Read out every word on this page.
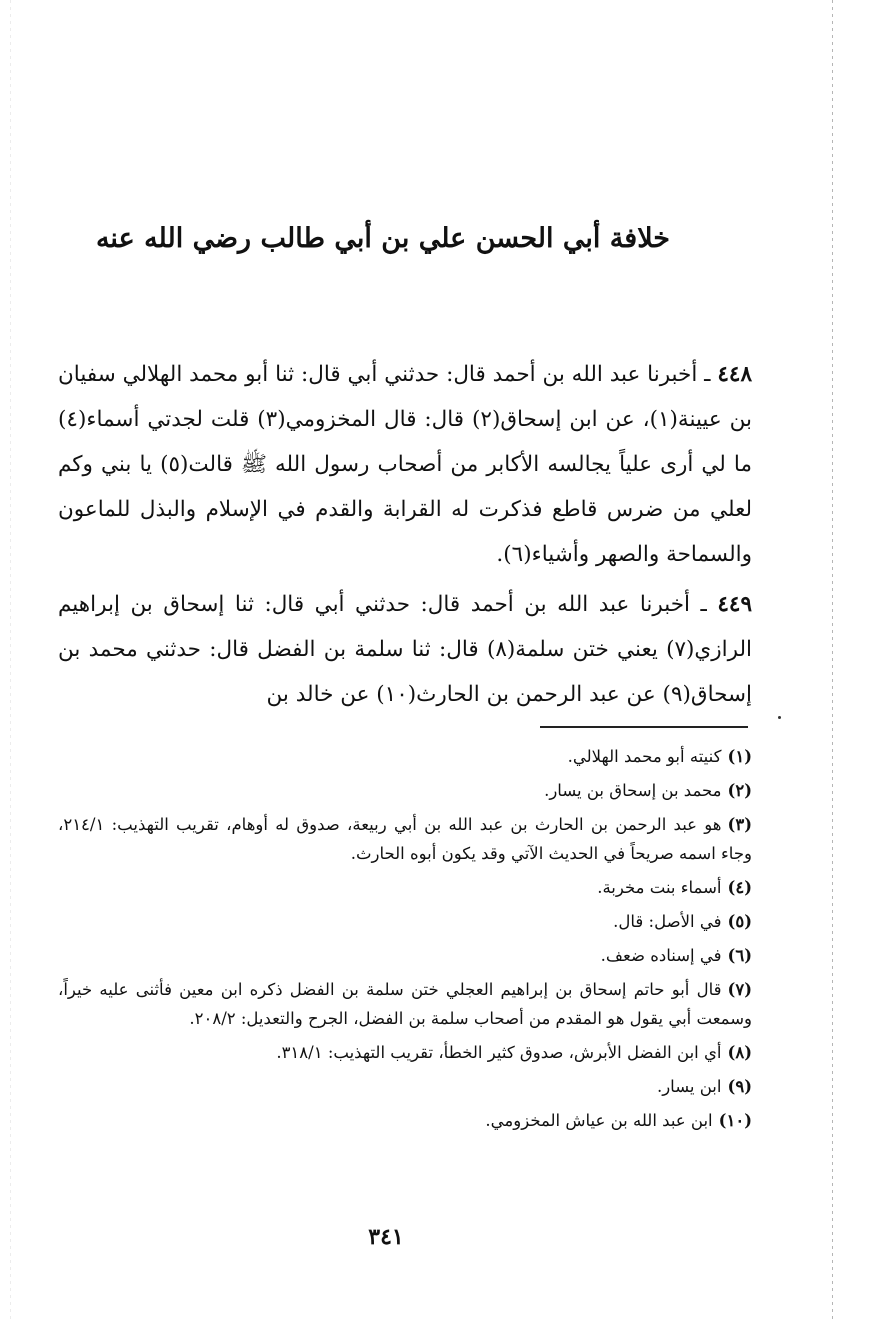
خلافة أبي الحسن علي بن أبي طالب رضي الله عنه

٤٤٨ ـ أخبرنا عبد الله بن أحمد قال: حدثني أبي قال: ثنا أبو محمد الهلالي سفيان بن عيينة(١)، عن ابن إسحاق(٢) قال: قال المخزومي(٣) قلت لجدتي أسماء(٤) ما لي أرى علياً يجالسه الأكابر من أصحاب رسول الله ﷺ قالت(٥) يا بني وكم لعلي من ضرس قاطع فذكرت له القرابة والقدم في الإسلام والبذل للماعون والسماحة والصهر وأشياء(٦).

٤٤٩ ـ أخبرنا عبد الله بن أحمد قال: حدثني أبي قال: ثنا إسحاق بن إبراهيم الرازي(٧) يعني ختن سلمة(٨) قال: ثنا سلمة بن الفضل قال: حدثني محمد بن إسحاق(٩) عن عبد الرحمن بن الحارث(١٠) عن خالد بن

(١)كنيته أبو محمد الهلالي.

(٢)محمد بن إسحاق بن يسار.

(٣)هو عبد الرحمن بن الحارث بن عبد الله بن أبي ربيعة، صدوق له أوهام، تقريب التهذيب: ٢١٤/١، وجاء اسمه صريحاً في الحديث الآتي وقد يكون أبوه الحارث.

(٤)أسماء بنت مخربة.

(٥)في الأصل: قال.

(٦)في إسناده ضعف.

(٧)قال أبو حاتم إسحاق بن إبراهيم العجلي ختن سلمة بن الفضل ذكره ابن معين فأثنى عليه خيراً، وسمعت أبي يقول هو المقدم من أصحاب سلمة بن الفضل، الجرح والتعديل: ٢٠٨/٢.

(٨)أي ابن الفضل الأبرش، صدوق كثير الخطأ، تقريب التهذيب: ٣١٨/١.

(٩)ابن يسار.

(١٠)ابن عبد الله بن عياش المخزومي.

٣٤١
